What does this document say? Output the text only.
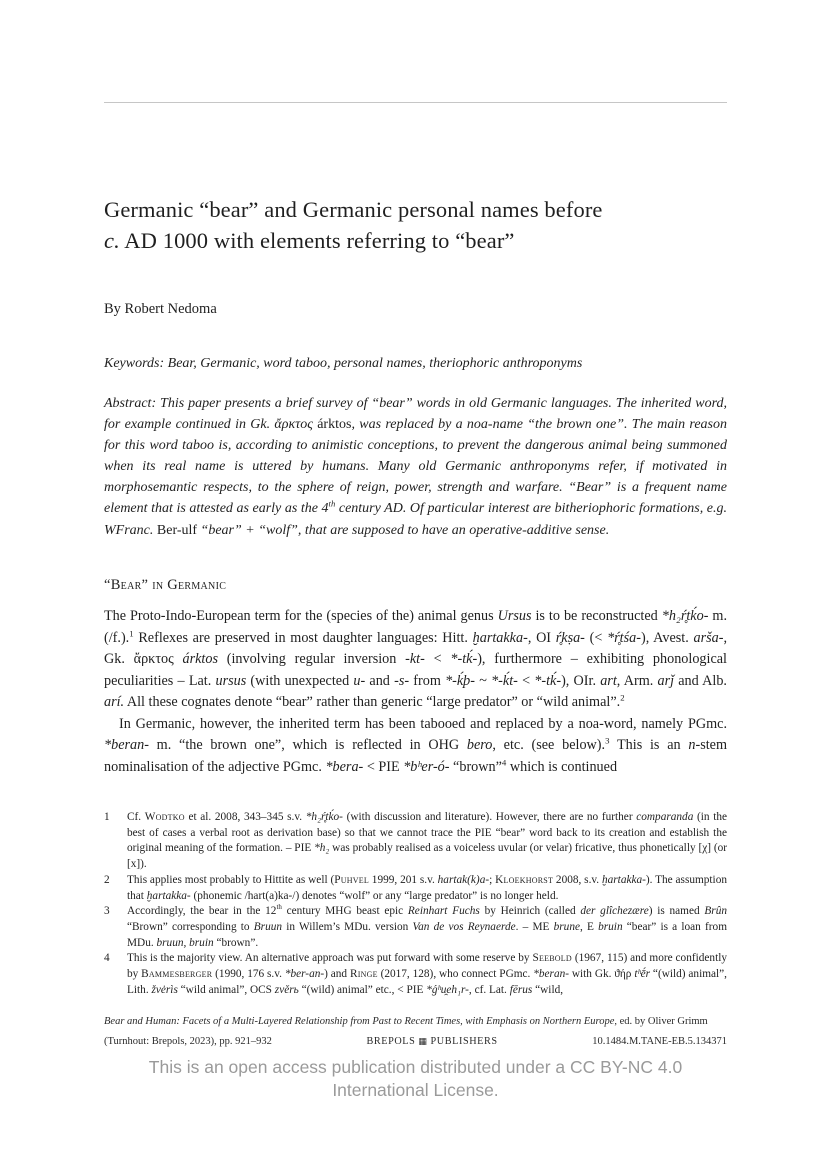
Germanic “bear” and Germanic personal names before
c. AD 1000 with elements referring to “bear”
By Robert Nedoma
Keywords: Bear, Germanic, word taboo, personal names, theriophoric anthroponyms
Abstract: This paper presents a brief survey of “bear” words in old Germanic languages. The inherited word, for example continued in Gk. ἄρκτος árktos, was replaced by a noa-name “the brown one”. The main reason for this word taboo is, according to animistic conceptions, to prevent the dangerous animal being summoned when its real name is uttered by humans. Many old Germanic anthroponyms refer, if motivated in morphosemantic respects, to the sphere of reign, power, strength and warfare. “Bear” is a frequent name element that is attested as early as the 4th century AD. Of particular interest are bitheriophoric formations, e.g. WFranc. Ber-ulf “bear” + “wolf”, that are supposed to have an operative-additive sense.
“Bear” in Germanic

The Proto-Indo-European term for the (species of the) animal genus Ursus is to be reconstructed *h₂ŕ̥tḱo- m.(/f.).$^1$ Reflexes are preserved in most daughter languages: Hitt. ḫartakka-, OI ŕ̥kṣa- (< *ŕ̥tśa-), Avest. arša-, Gk. ἄρκτος árktos (involving regular inversion -kt- < *-tḱ-), furthermore – exhibiting phonological peculiarities – Lat. ursus (with unexpected u- and -s- from *-ḱþ- ~ *-ḱt- < *-tḱ-), OIr. art, Arm. arǰ and Alb. arí. All these cognates denote “bear” rather than generic “large predator” or “wild animal”.$^2$

In Germanic, however, the inherited term has been tabooed and replaced by a noa-word, namely PGmc. *beran- m. “the brown one”, which is reflected in OHG bero, etc. (see below).$^3$ This is an n-stem nominalisation of the adjective PGmc. *bera- < PIE *bʰer-ó- “brown”$^4$ which is continued

1	Cf. Wodtko et al. 2008, 343–345 s.v. *h₂ŕ̥tḱo- (with discussion and literature). However, there are no further comparanda (in the best of cases a verbal root as derivation base) so that we cannot trace the PIE “bear” word back to its creation and establish the original meaning of the formation. – PIE *h₂ was probably realised as a voiceless uvular (or velar) fricative, thus phonetically [χ] (or [x]).
2	This applies most probably to Hittite as well (Puhvel 1999, 201 s.v. hartak(k)a-; Kloekhorst 2008, s.v. ḫartakka-). The assumption that ḫartakka- (phonemic /hart(a)ka-/) denotes “wolf” or any “large predator” is no longer held.
3	Accordingly, the bear in the 12th century MHG beast epic Reinhart Fuchs by Heinrich (called der glîchezære) is named Brûn “Brown” corresponding to Bruun in Willem’s MDu. version Van de vos Reynaerde. – ME brune, E bruin “bear” is a loan from MDu. bruun, bruin “brown”.
4	This is the majority view. An alternative approach was put forward with some reserve by Seebold (1967, 115) and more confidently by Bammesberger (1990, 176 s.v. *ber-an-) and Ringe (2017, 128), who connect PGmc. *beran- with Gk. ϑήρ tʰḗr “(wild) animal”, Lith. žvėrìs “wild animal”, OCS zvěrь “(wild) animal” etc., < PIE *ǵʰu̯eh₁r-, cf. Lat. fērus “wild,
Bear and Human: Facets of a Multi-Layered Relationship from Past to Recent Times, with Emphasis on Northern Europe, ed. by Oliver Grimm
(Turnhout: Brepols, 2023), pp. 921–932	BREPOLS ▦ PUBLISHERS	10.1484.M.TANE-EB.5.134371
This is an open access publication distributed under a CC BY-NC 4.0
International License.
